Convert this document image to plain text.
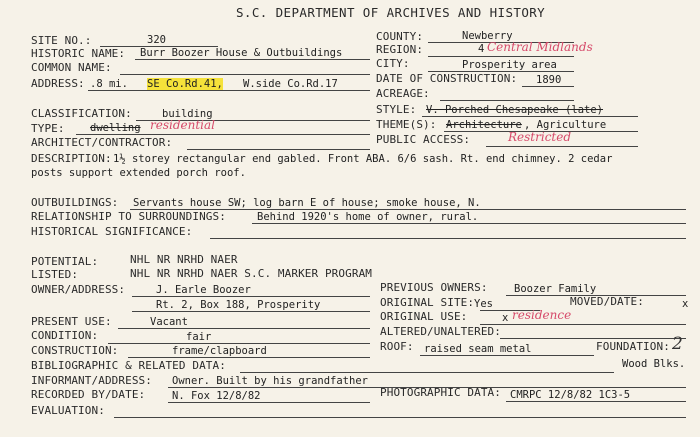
S.C. DEPARTMENT OF ARCHIVES AND HISTORY
SITE NO.:	320	COUNTY:	Newberry
HISTORIC NAME: Burr Boozer House & Outbuildings	REGION:	4 Central Midlands
COMMON NAME:	CITY:	Prosperity area
ADDRESS: .8 mi. SE Co.Rd.41, W.side Co.Rd.17	DATE OF CONSTRUCTION: 1890
ACREAGE:
CLASSIFICATION:	building	STYLE: V. Porched Chesapeake (late)
TYPE: dwelling residential	THEME(S): Architecture , Agriculture
ARCHITECT/CONTRACTOR:	PUBLIC ACCESS:	Restricted
DESCRIPTION: 1½ storey rectangular end gabled. Front ABA. 6/6 sash. Rt. end chimney. 2 cedar
posts support extended porch roof.
OUTBUILDINGS: Servants house SW; log barn E of house; smoke house, N.
RELATIONSHIP TO SURROUNDINGS:	Behind 1920's home of owner, rural.
HISTORICAL SIGNIFICANCE:
POTENTIAL:	NHL NR NRHD NAER
LISTED:	NHL NR NRHD NAER S.C. MARKER PROGRAM
OWNER/ADDRESS:	J. Earle Boozer
Rt. 2, Box 188, Prosperity
PREVIOUS OWNERS:	Boozer Family
ORIGINAL SITE: Yes	MOVED/DATE:	x
PRESENT USE:	Vacant	ORIGINAL USE:	x residence
CONDITION:	fair	ALTERED/UNALTERED:
CONSTRUCTION:	frame/clapboard	ROOF: raised seam metal	FOUNDATION: 2
Wood Blks.
BIBLIOGRAPHIC & RELATED DATA:
INFORMANT/ADDRESS: Owner. Built by his grandfather
RECORDED BY/DATE:	N. Fox 12/8/82	PHOTOGRAPHIC DATA: CMRPC 12/8/82 1C3-5
EVALUATION:
